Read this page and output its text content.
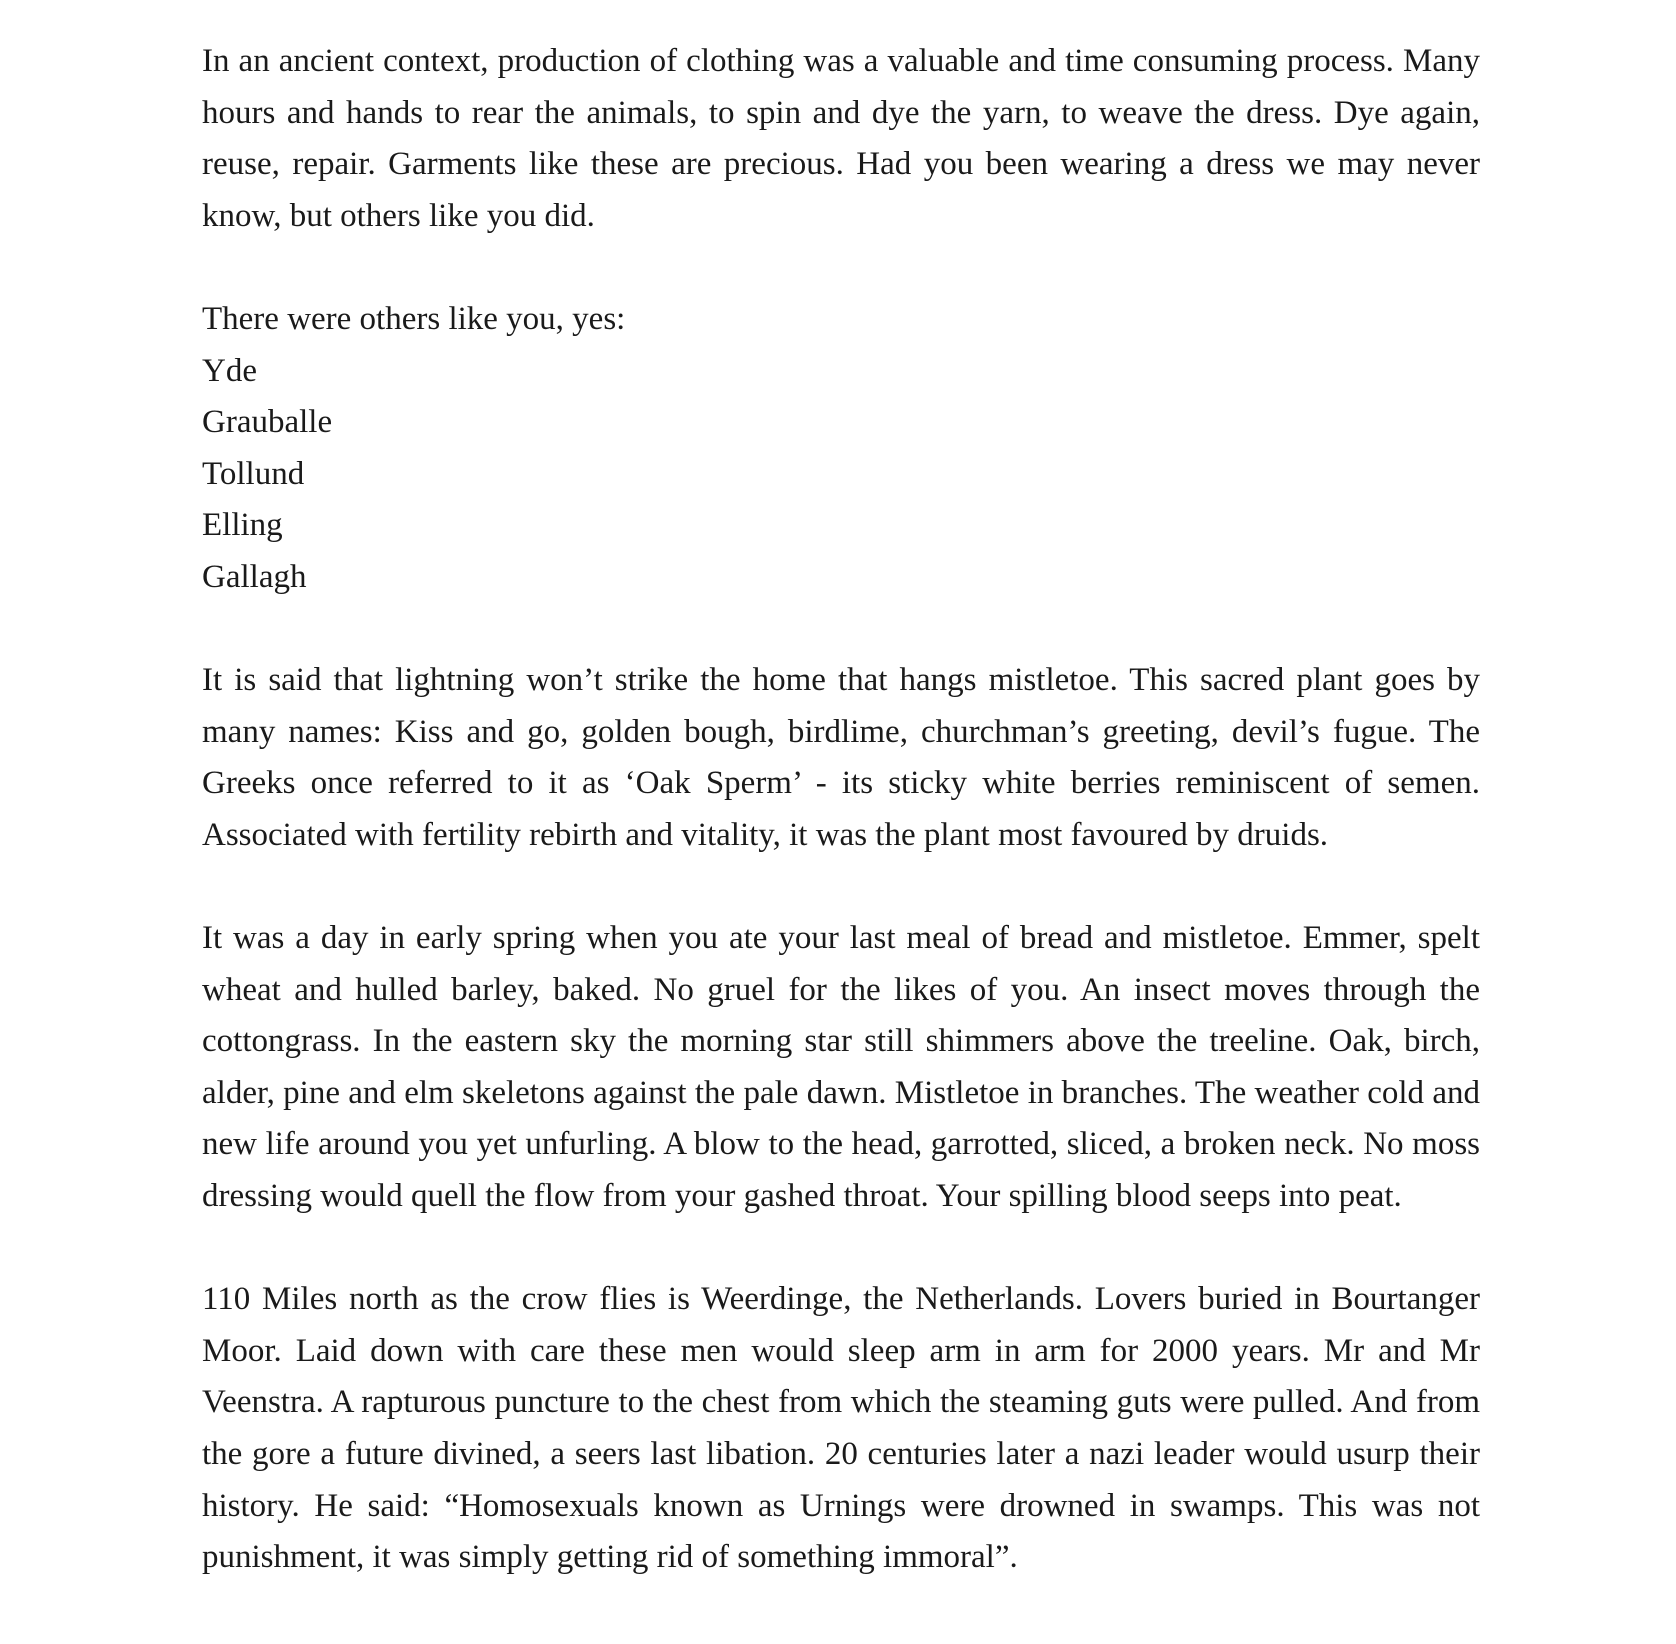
In an ancient context, production of clothing was a valuable and time consuming process. Many hours and hands to rear the animals, to spin and dye the yarn, to weave the dress. Dye again, reuse, repair. Garments like these are precious. Had you been wearing a dress we may never know, but others like you did.

There were others like you, yes:

Yde
Grauballe
Tollund
Elling
Gallagh

It is said that lightning won’t strike the home that hangs mistletoe. This sacred plant goes by many names: Kiss and go, golden bough, birdlime, churchman’s greeting, devil’s fugue. The Greeks once referred to it as ‘Oak Sperm’ - its sticky white berries reminiscent of semen. Associated with fertility rebirth and vitality, it was the plant most favoured by druids.

It was a day in early spring when you ate your last meal of bread and mistletoe. Emmer, spelt wheat and hulled barley, baked. No gruel for the likes of you. An insect moves through the cottongrass. In the eastern sky the morning star still shimmers above the treeline. Oak, birch, alder, pine and elm skeletons against the pale dawn. Mistletoe in branches. The weather cold and new life around you yet unfurling. A blow to the head, garrotted, sliced, a broken neck. No moss dressing would quell the flow from your gashed throat. Your spilling blood seeps into peat.

110 Miles north as the crow flies is Weerdinge, the Netherlands. Lovers buried in Bourtanger Moor. Laid down with care these men would sleep arm in arm for 2000 years. Mr and Mr Veenstra. A rapturous puncture to the chest from which the steaming guts were pulled. And from the gore a future divined, a seers last libation. 20 centuries later a nazi leader would usurp their history. He said: “Homosexuals known as Urnings were drowned in swamps. This was not punishment, it was simply getting rid of something immoral”.
